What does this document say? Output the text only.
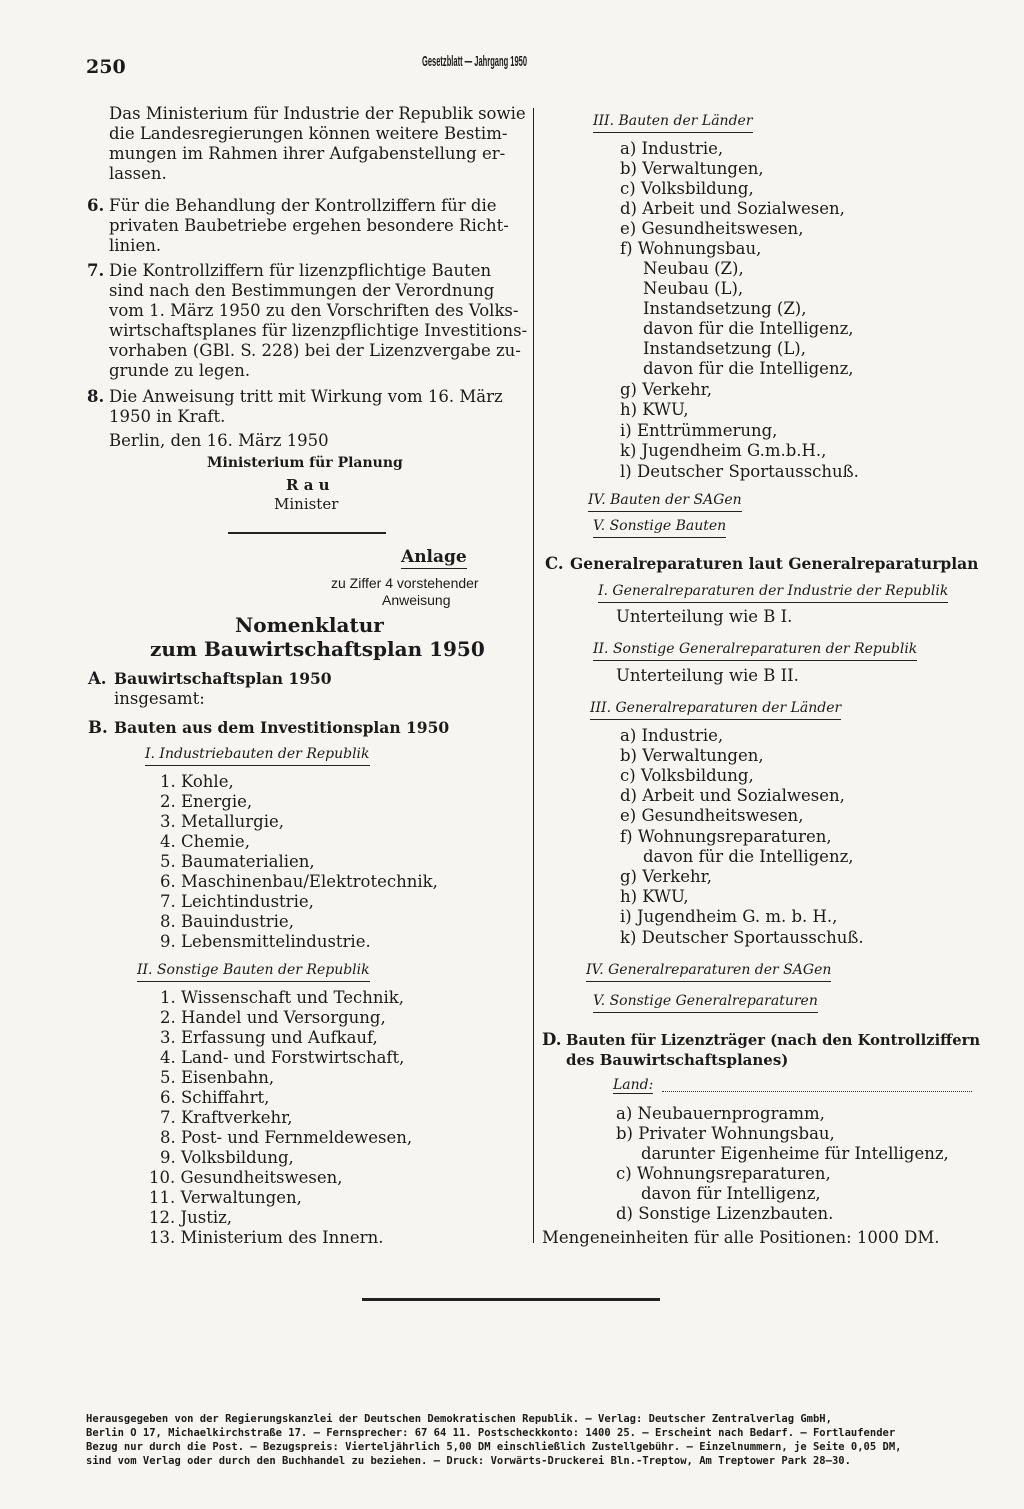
250	Gesetzblatt — Jahrgang 1950
Das Ministerium für Industrie der Republik sowie
die Landesregierungen können weitere Bestim-
mungen im Rahmen ihrer Aufgabenstellung er-
lassen.
6. Für die Behandlung der Kontrollziffern für die
privaten Baubetriebe ergehen besondere Richt-
linien.
7. Die Kontrollziffern für lizenzpflichtige Bauten
sind nach den Bestimmungen der Verordnung
vom 1. März 1950 zu den Vorschriften des Volks-
wirtschaftsplanes für lizenzpflichtige Investitions-
vorhaben (GBl. S. 228) bei der Lizenzvergabe zu-
grunde zu legen.
8. Die Anweisung tritt mit Wirkung vom 16. März
1950 in Kraft.
Berlin, den 16. März 1950
Ministerium für Planung
R a u
Minister
Anlage
zu Ziffer 4 vorstehender
Anweisung
Nomenklatur
zum Bauwirtschaftsplan 1950
A. Bauwirtschaftsplan 1950
insgesamt:
B. Bauten aus dem Investitionsplan 1950
I. Industriebauten der Republik
1. Kohle,
2. Energie,
3. Metallurgie,
4. Chemie,
5. Baumaterialien,
6. Maschinenbau/Elektrotechnik,
7. Leichtindustrie,
8. Bauindustrie,
9. Lebensmittelindustrie.
II. Sonstige Bauten der Republik
1. Wissenschaft und Technik,
2. Handel und Versorgung,
3. Erfassung und Aufkauf,
4. Land- und Forstwirtschaft,
5. Eisenbahn,
6. Schiffahrt,
7. Kraftverkehr,
8. Post- und Fernmeldewesen,
9. Volksbildung,
10. Gesundheitswesen,
11. Verwaltungen,
12. Justiz,
13. Ministerium des Innern.
III. Bauten der Länder
a) Industrie,
b) Verwaltungen,
c) Volksbildung,
d) Arbeit und Sozialwesen,
e) Gesundheitswesen,
f) Wohnungsbau,
Neubau (Z),
Neubau (L),
Instandsetzung (Z),
davon für die Intelligenz,
Instandsetzung (L),
davon für die Intelligenz,
g) Verkehr,
h) KWU,
i) Enttrümmerung,
k) Jugendheim G.m.b.H.,
l) Deutscher Sportausschuß.
IV. Bauten der SAGen
V. Sonstige Bauten
C. Generalreparaturen laut Generalreparaturplan
I. Generalreparaturen der Industrie der Republik
Unterteilung wie B I.
II. Sonstige Generalreparaturen der Republik
Unterteilung wie B II.
III. Generalreparaturen der Länder
a) Industrie,
b) Verwaltungen,
c) Volksbildung,
d) Arbeit und Sozialwesen,
e) Gesundheitswesen,
f) Wohnungsreparaturen,
davon für die Intelligenz,
g) Verkehr,
h) KWU,
i) Jugendheim G. m. b. H.,
k) Deutscher Sportausschuß.
IV. Generalreparaturen der SAGen
V. Sonstige Generalreparaturen
D. Bauten für Lizenzträger (nach den Kontrollziffern
des Bauwirtschaftsplanes)
Land:
a) Neubauernprogramm,
b) Privater Wohnungsbau,
darunter Eigenheime für Intelligenz,
c) Wohnungsreparaturen,
davon für Intelligenz,
d) Sonstige Lizenzbauten.
Mengeneinheiten für alle Positionen: 1000 DM.
Herausgegeben von der Regierungskanzlei der Deutschen Demokratischen Republik. — Verlag: Deutscher Zentralverlag GmbH,
Berlin O 17, Michaelkirchstraße 17. — Fernsprecher: 67 64 11. Postscheckkonto: 1400 25. — Erscheint nach Bedarf. — Fortlaufender
Bezug nur durch die Post. — Bezugspreis: Vierteljährlich 5,00 DM einschließlich Zustellgebühr. — Einzelnummern, je Seite 0,05 DM,
sind vom Verlag oder durch den Buchhandel zu beziehen. — Druck: Vorwärts-Druckerei Bln.-Treptow, Am Treptower Park 28—30.
